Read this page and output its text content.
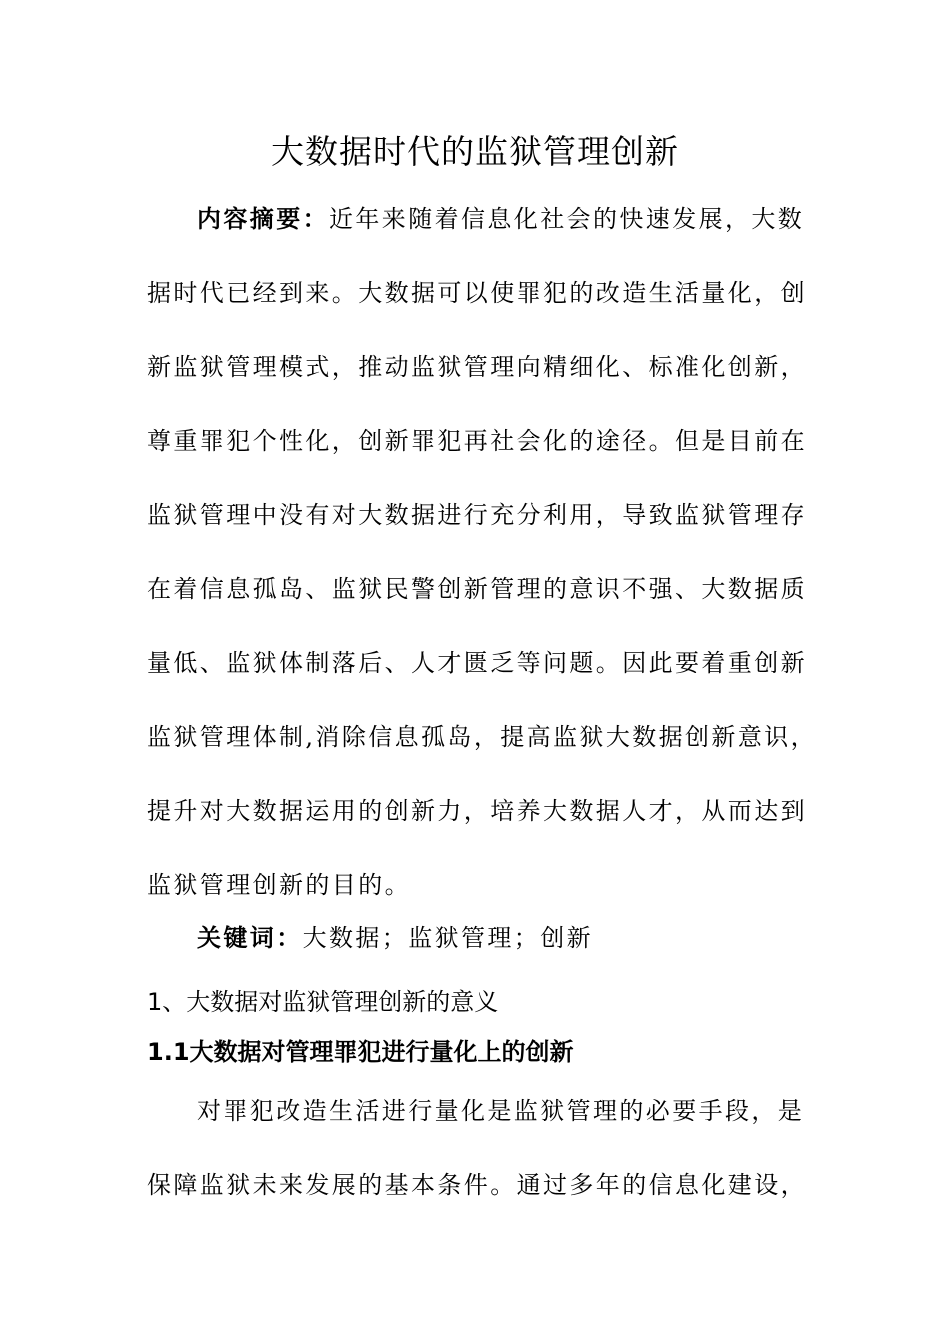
大数据时代的监狱管理创新
内容摘要：近年来随着信息化社会的快速发展，大数
据时代已经到来。大数据可以使罪犯的改造生活量化，创
新监狱管理模式，推动监狱管理向精细化、标准化创新，
尊重罪犯个性化，创新罪犯再社会化的途径。但是目前在
监狱管理中没有对大数据进行充分利用，导致监狱管理存
在着信息孤岛、监狱民警创新管理的意识不强、大数据质
量低、监狱体制落后、人才匮乏等问题。因此要着重创新
监狱管理体制,消除信息孤岛，提高监狱大数据创新意识，
提升对大数据运用的创新力，培养大数据人才，从而达到
监狱管理创新的目的。
关键词：大数据；监狱管理；创新
1、大数据对监狱管理创新的意义
1.1大数据对管理罪犯进行量化上的创新
对罪犯改造生活进行量化是监狱管理的必要手段，是
保障监狱未来发展的基本条件。通过多年的信息化建设，
